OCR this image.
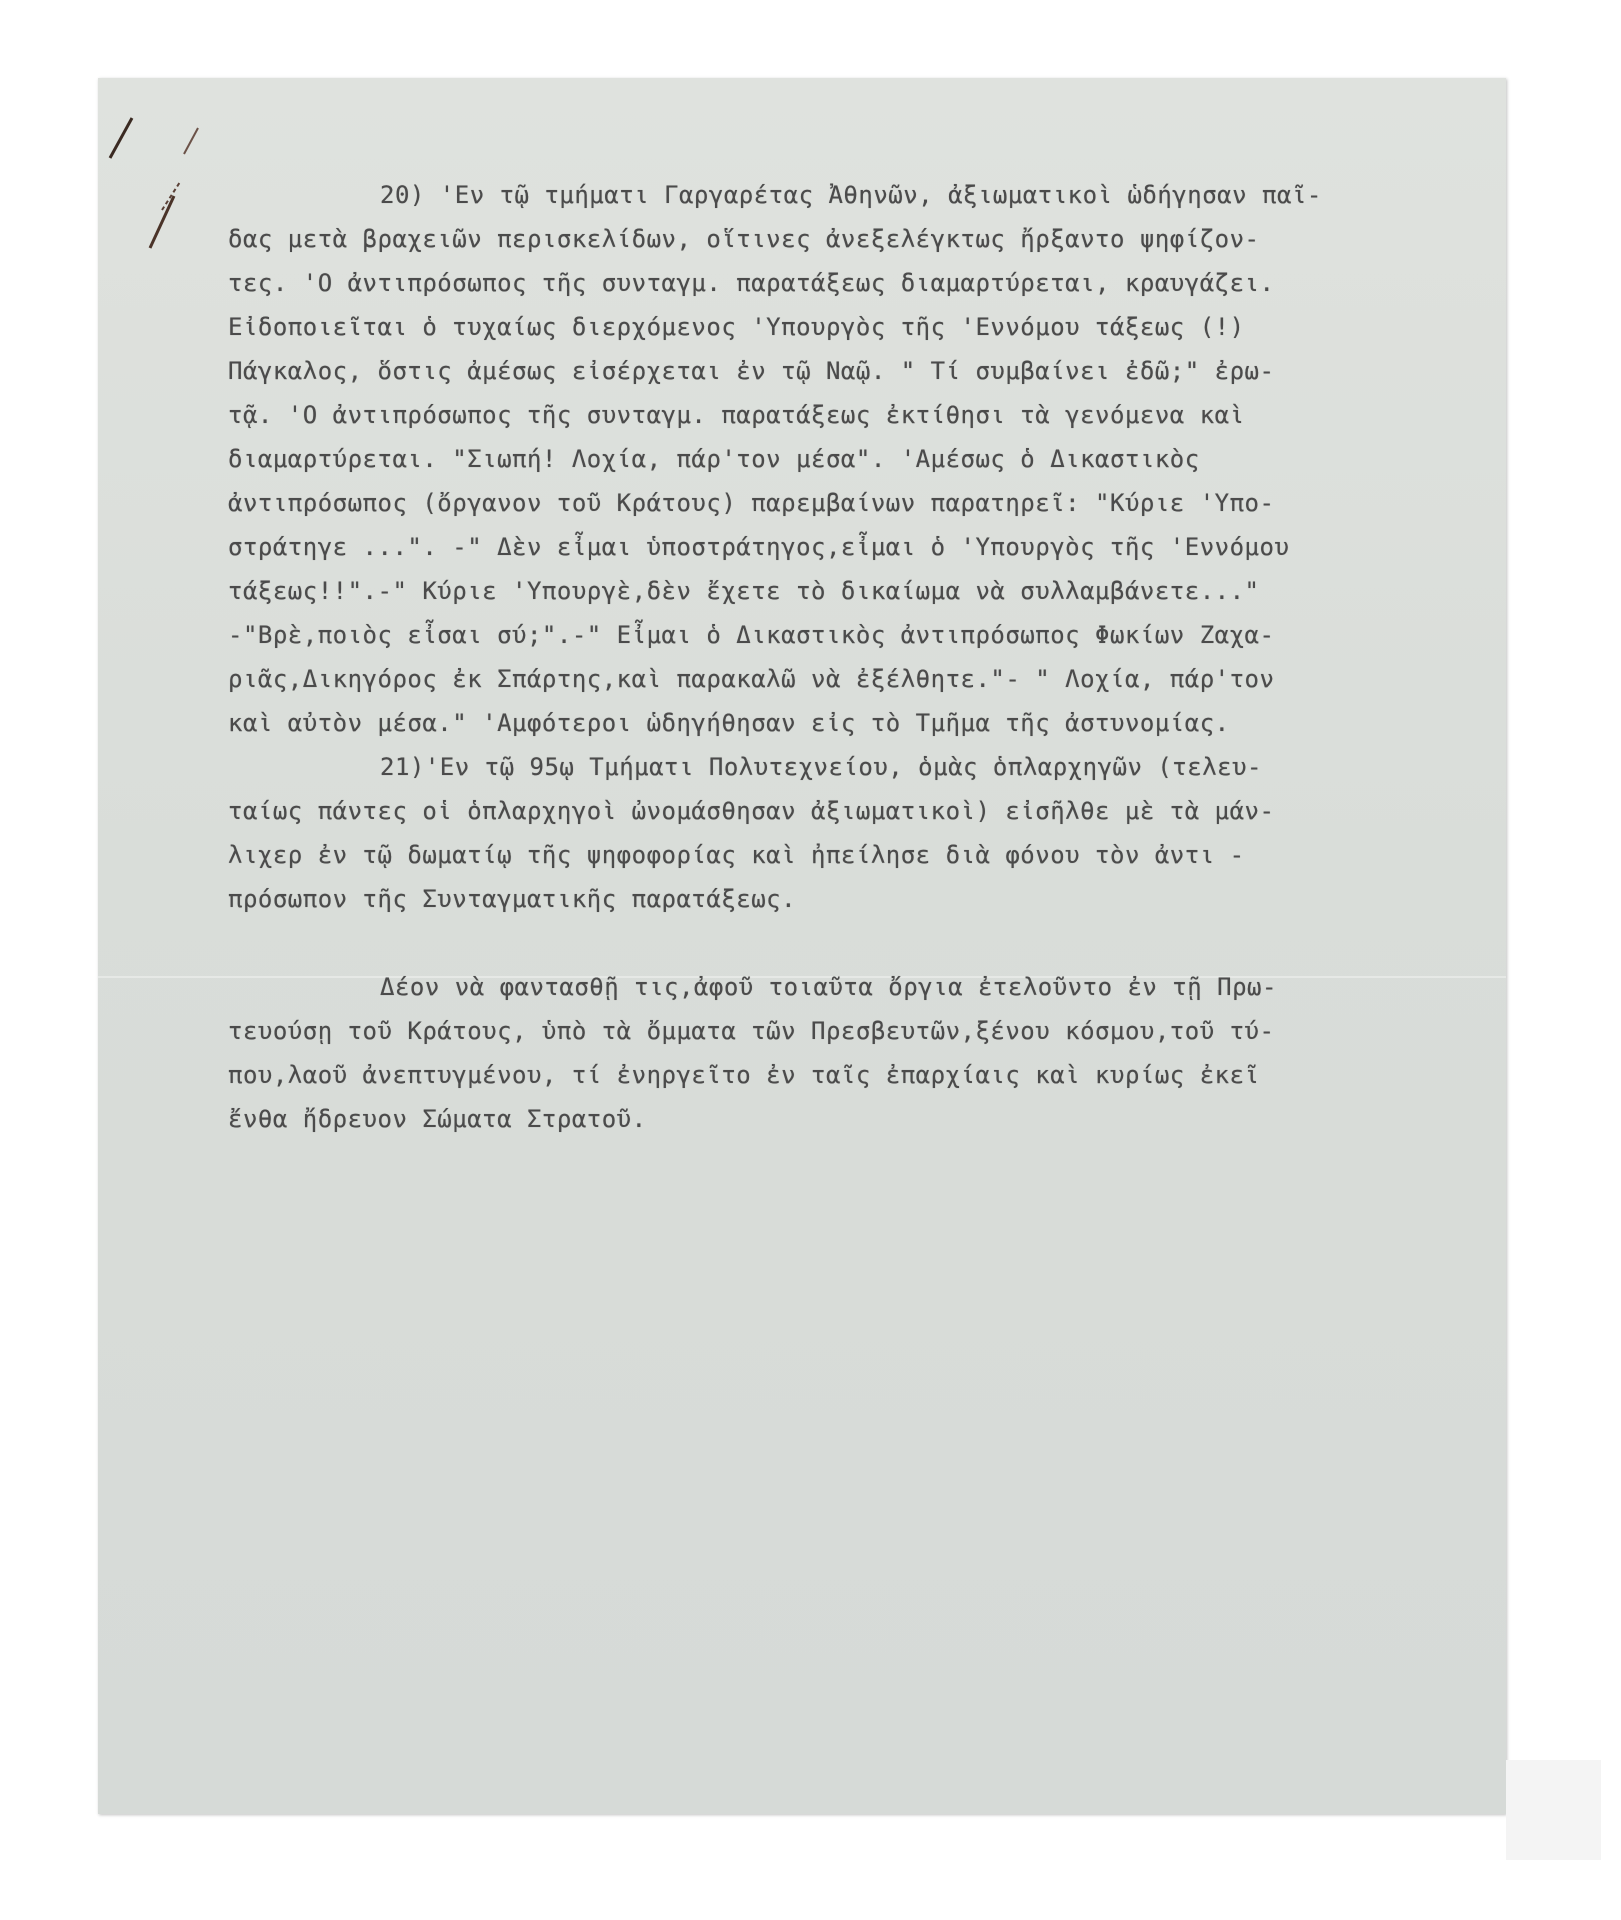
20) 'Εν τῷ τμήματι Γαργαρέτας Ἀθηνῶν, ἀξιωματικοὶ ὡδήγησαν παῖ-
δας μετὰ βραχειῶν περισκελίδων, οἵτινες ἀνεξελέγκτως ἤρξαντο ψηφίζον-
τες. 'Ο ἀντιπρόσωπος τῆς συνταγμ. παρατάξεως διαμαρτύρεται, κραυγάζει.
Εἰδοποιεῖται ὁ τυχαίως διερχόμενος 'Υπουργὸς τῆς 'Εννόμου τάξεως (!)
Πάγκαλος, ὅστις ἀμέσως εἰσέρχεται ἐν τῷ Ναῷ. " Τί συμβαίνει ἐδῶ;" ἐρω-
τᾷ. 'Ο ἀντιπρόσωπος τῆς συνταγμ. παρατάξεως ἐκτίθησι τὰ γενόμενα καὶ
διαμαρτύρεται. "Σιωπή! Λοχία, πάρ'τον μέσα". 'Αμέσως ὁ Δικαστικὸς
ἀντιπρόσωπος (ὄργανον τοῦ Κράτους) παρεμβαίνων παρατηρεῖ: "Κύριε 'Υπο-
στράτηγε ...". -" Δὲν εἶμαι ὑποστράτηγος,εἶμαι ὁ 'Υπουργὸς τῆς 'Εννόμου
τάξεως!!".-" Κύριε 'Υπουργὲ,δὲν ἔχετε τὸ δικαίωμα νὰ συλλαμβάνετε..."
-"Βρὲ,ποιὸς εἶσαι σύ;".-" Εἶμαι ὁ Δικαστικὸς ἀντιπρόσωπος Φωκίων Ζαχα-
ριᾶς,Δικηγόρος ἐκ Σπάρτης,καὶ παρακαλῶ νὰ ἐξέλθητε."- " Λοχία, πάρ'τον
καὶ αὐτὸν μέσα." 'Αμφότεροι ὡδηγήθησαν εἰς τὸ Τμῆμα τῆς ἀστυνομίας.
21)'Εν τῷ 95ῳ Τμήματι Πολυτεχνείου, ὁμὰς ὁπλαρχηγῶν (τελευ-
ταίως πάντες οἱ ὁπλαρχηγοὶ ὠνομάσθησαν ἀξιωματικοὶ) εἰσῆλθε μὲ τὰ μάν-
λιχερ ἐν τῷ δωματίῳ τῆς ψηφοφορίας καὶ ἠπείλησε διὰ φόνου τὸν ἀντι -
πρόσωπον τῆς Συνταγματικῆς παρατάξεως.
Δέον νὰ φαντασθῇ τις,ἀφοῦ τοιαῦτα ὄργια ἐτελοῦντο ἐν τῇ Πρω-
τευούσῃ τοῦ Κράτους, ὑπὸ τὰ ὄμματα τῶν Πρεσβευτῶν,ξένου κόσμου,τοῦ τύ-
που,λαοῦ ἀνεπτυγμένου, τί ἐνηργεῖτο ἐν ταῖς ἐπαρχίαις καὶ κυρίως ἐκεῖ
ἔνθα ἤδρευον Σώματα Στρατοῦ.
